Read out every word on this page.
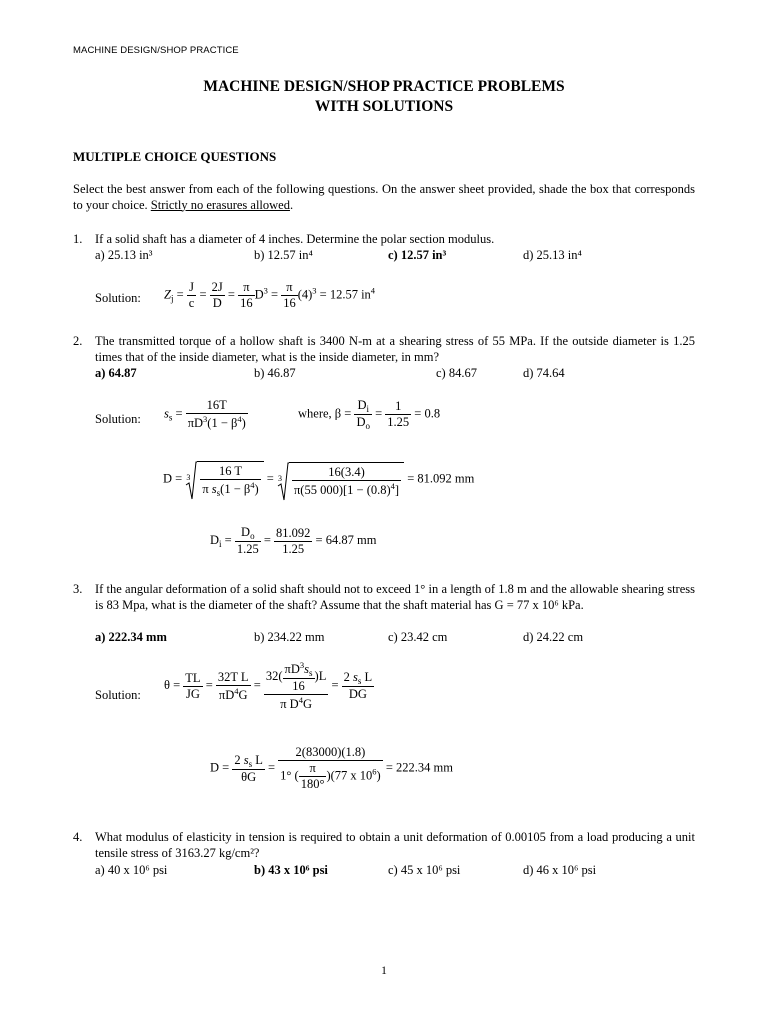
MACHINE DESIGN/SHOP PRACTICE
MACHINE DESIGN/SHOP PRACTICE PROBLEMS
WITH SOLUTIONS
MULTIPLE CHOICE QUESTIONS
Select the best answer from each of the following questions. On the answer sheet provided, shade the box that corresponds to your choice. Strictly no erasures allowed.
1. If a solid shaft has a diameter of 4 inches. Determine the polar section modulus.
a) 25.13 in³	b) 12.57 in⁴	c) 12.57 in³	d) 25.13 in⁴
Solution: $Z_j = \frac{J}{c} = \frac{2J}{D} = \frac{\pi}{16} D^3 = \frac{\pi}{16} (4)^3 = 12.57$ $in^4$
2. The transmitted torque of a hollow shaft is 3400 N-m at a shearing stress of 55 MPa. If the outside diameter is 1.25 times that of the inside diameter, what is the inside diameter, in mm?
a) 64.87	b) 46.87	c) 84.67	d) 74.64
Solution: $s_s = \frac{16T}{\pi D^3(1 - \beta^4)}$	where, $\beta = \frac{D_i}{D_o} = \frac{1}{1.25} = 0.8$
$D = 3 \frac{16 T}{\pi s_s(1 - \beta^4)} = 3 \frac{16(3.4)}{\pi(55 000)[1 - (0.8)^4]} = 81.092$ mm
$D_i = \frac{D_o}{1.25} = \frac{81.092}{1.25} = 64.87$ mm
3. If the angular deformation of a solid shaft should not to exceed 1° in a length of 1.8 m and the allowable shearing stress is 83 Mpa, what is the diameter of the shaft? Assume that the shaft material has G = 77 x 10⁶ kPa.
a) 222.34 mm	b) 234.22 mm	c) 23.42 cm	d) 24.22 cm
Solution:
$\theta = \frac{TL}{JG} = \frac{\text{32T L}}{\pi D^4G} = \frac{32( \frac{\pi D^3s_s}{16} )L}{\pi D^4G} = \frac{2 s_s L}{DG}$
$D = \frac{2 s_s L}{\theta G} = \frac{2(83000)(1.8)}{1^\circ ( \frac{\pi}{180^\circ} )(77 x 10^6)} = 222.34$ mm
4. What modulus of elasticity in tension is required to obtain a unit deformation of 0.00105 from a load producing a unit tensile stress of 3163.27 kg/cm²?
a) 40 x 10⁶ psi	b) 43 x 10⁶ psi	c) 45 x 10⁶ psi	d) 46 x 10⁶ psi
1
